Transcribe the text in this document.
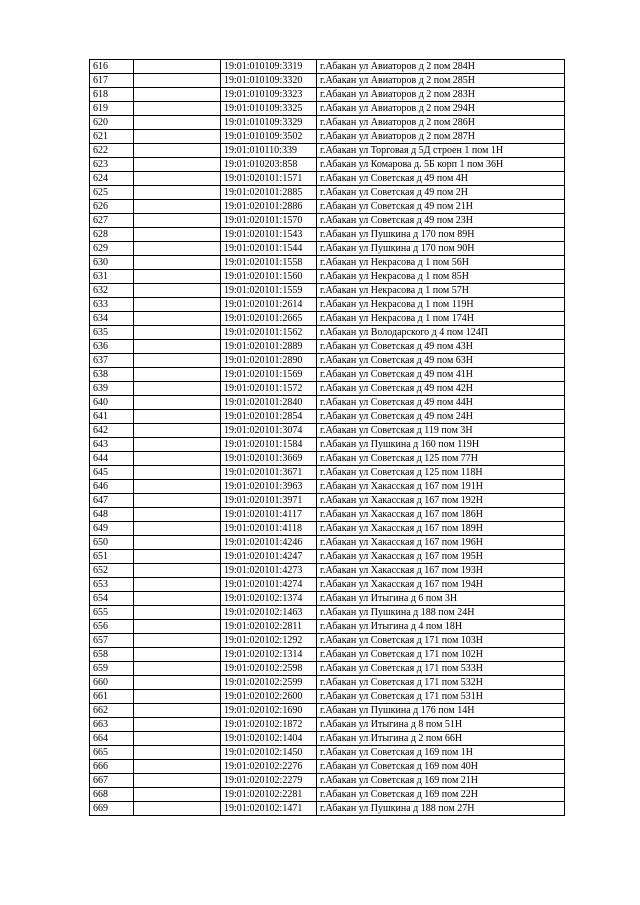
616		19:01:010109:3319	г.Абакан ул Авиаторов д 2 пом 284Н
617		19:01:010109:3320	г.Абакан ул Авиаторов д 2 пом 285Н
618		19:01:010109:3323	г.Абакан ул Авиаторов д 2 пом 283Н
619		19:01:010109:3325	г.Абакан ул Авиаторов д 2 пом 294Н
620		19:01:010109:3329	г.Абакан ул Авиаторов д 2 пом 286Н
621		19:01:010109:3502	г.Абакан ул Авиаторов д 2 пом 287Н
622		19:01:010110:339	г.Абакан ул Торговая д 5Д строен 1 пом 1Н
623		19:01:010203:858	г.Абакан ул Комарова д. 5Б корп 1 пом 36Н
624		19:01:020101:1571	г.Абакан ул Советская д 49 пом 4Н
625		19:01:020101:2885	г.Абакан ул Советская д 49 пом 2Н
626		19:01:020101:2886	г.Абакан ул Советская д 49 пом 21Н
627		19:01:020101:1570	г.Абакан ул Советская д 49 пом 23Н
628		19:01:020101:1543	г.Абакан ул Пушкина д 170 пом 89Н
629		19:01:020101:1544	г.Абакан ул Пушкина д 170 пом 90Н
630		19:01:020101:1558	г.Абакан ул Некрасова д 1 пом 56Н
631		19:01:020101:1560	г.Абакан ул Некрасова д 1 пом 85Н
632		19:01:020101:1559	г.Абакан ул Некрасова д 1 пом 57Н
633		19:01:020101:2614	г.Абакан ул Некрасова д 1 пом 119Н
634		19:01:020101:2665	г.Абакан ул Некрасова д 1 пом 174Н
635		19:01:020101:1562	г.Абакан ул Володарского д 4 пом 124П
636		19:01:020101:2889	г.Абакан ул Советская д 49 пом 43Н
637		19:01:020101:2890	г.Абакан ул Советская д 49 пом 63Н
638		19:01:020101:1569	г.Абакан ул Советская д 49 пом 41Н
639		19:01:020101:1572	г.Абакан ул Советская д 49 пом 42Н
640		19:01:020101:2840	г.Абакан ул Советская д 49 пом 44Н
641		19:01:020101:2854	г.Абакан ул Советская д 49 пом 24Н
642		19:01:020101:3074	г.Абакан ул Советская д 119 пом 3Н
643		19:01:020101:1584	г.Абакан ул Пушкина д 160 пом 119Н
644		19:01:020101:3669	г.Абакан ул Советская д 125 пом 77Н
645		19:01:020101:3671	г.Абакан ул Советская д 125 пом 118Н
646		19:01:020101:3963	г.Абакан ул Хакасская д 167 пом 191Н
647		19:01:020101:3971	г.Абакан ул Хакасская д 167 пом 192Н
648		19:01:020101:4117	г.Абакан ул Хакасская д 167 пом 186Н
649		19:01:020101:4118	г.Абакан ул Хакасская д 167 пом 189Н
650		19:01:020101:4246	г.Абакан ул Хакасская д 167 пом 196Н
651		19:01:020101:4247	г.Абакан ул Хакасская д 167 пом 195Н
652		19:01:020101:4273	г.Абакан ул Хакасская д 167 пом 193Н
653		19:01:020101:4274	г.Абакан ул Хакасская д 167 пом 194Н
654		19:01:020102:1374	г.Абакан ул Итыгина д 6 пом 3Н
655		19:01:020102:1463	г.Абакан ул Пушкина д 188 пом 24Н
656		19:01:020102:2811	г.Абакан ул Итыгина д 4 пом 18Н
657		19:01:020102:1292	г.Абакан ул Советская д 171 пом 103Н
658		19:01:020102:1314	г.Абакан ул Советская д 171 пом 102Н
659		19:01:020102:2598	г.Абакан ул Советская д 171 пом 533Н
660		19:01:020102:2599	г.Абакан ул Советская д 171 пом 532Н
661		19:01:020102:2600	г.Абакан ул Советская д 171 пом 531Н
662		19:01:020102:1690	г.Абакан ул Пушкина д 176 пом 14Н
663		19:01:020102:1872	г.Абакан ул Итыгина д 8 пом 51Н
664		19:01:020102:1404	г.Абакан ул Итыгина д 2 пом 66Н
665		19:01:020102:1450	г.Абакан ул Советская д 169 пом 1Н
666		19:01:020102:2276	г.Абакан ул Советская д 169 пом 40Н
667		19:01:020102:2279	г.Абакан ул Советская д 169 пом 21Н
668		19:01:020102:2281	г.Абакан ул Советская д 169 пом 22Н
669		19:01:020102:1471	г.Абакан ул Пушкина д 188 пом 27Н
